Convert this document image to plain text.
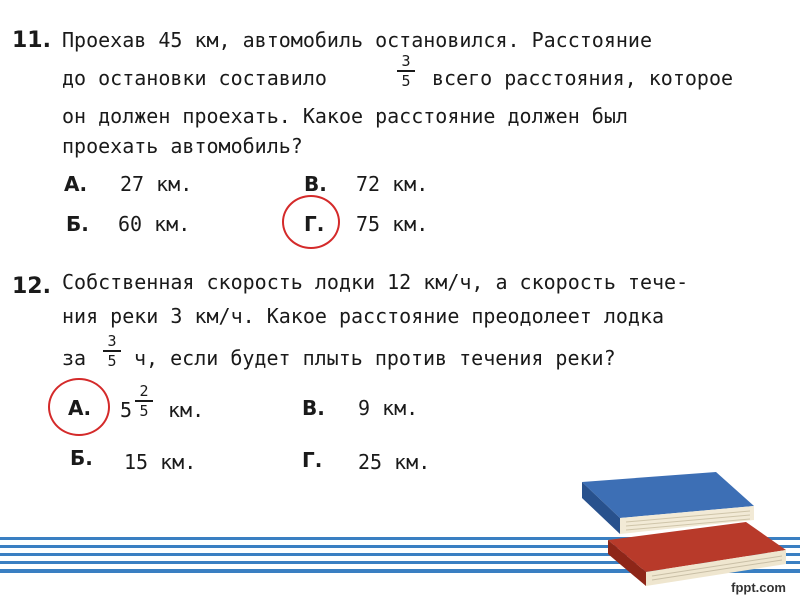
11. Проехав 45 км, автомобиль остановился. Расстояние
до остановки составило
3
5 всего расстояния, которое
он должен проехать. Какое расстояние должен был
проехать автомобиль?
А. 27 км.	В. 72 км.
Б. 60 км.	Г. 75 км.
12. Собственная скорость лодки 12 км/ч, а скорость тече-
ния реки 3 км/ч. Какое расстояние преодолеет лодка
за
3
5 ч, если будет плыть против течения реки?
А. 5
2
5 км.	В. 9 км.
Б. 15 км.	Г. 25 км.
fppt.com
